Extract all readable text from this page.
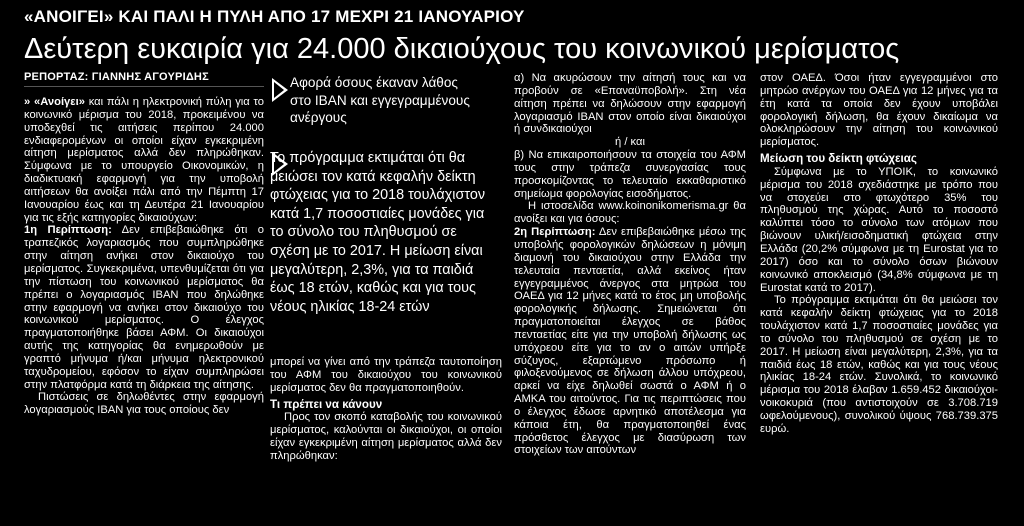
«ΑΝΟΙΓΕΙ» ΚΑΙ ΠΑΛΙ Η ΠΥΛΗ ΑΠΟ 17 ΜΕΧΡΙ 21 ΙΑΝΟΥΑΡΙΟΥ
Δεύτερη ευκαιρία για 24.000 δικαιούχους του κοινωνικού μερίσματος
ΡΕΠΟΡΤΑΖ: ΓΙΑΝΝΗΣ ΑΓΟΥΡΙΔΗΣ

» «Ανοίγει» και πάλι η ηλεκτρονική πύλη για το κοινωνικό μέρισμα του 2018, προκειμένου να υποδεχθεί τις αιτήσεις περίπου 24.000 ενδιαφερομένων οι οποίοι είχαν εγκεκριμένη αίτηση μερίσματος αλλά δεν πληρώθηκαν. Σύμφωνα με το υπουργείο Οικονομικών, η διαδικτυακή εφαρμογή για την υποβολή αιτήσεων θα ανοίξει πάλι από την Πέμπτη 17 Ιανουαρίου έως και τη Δευτέρα 21 Ιανουαρίου για τις εξής κατηγορίες δικαιούχων:

1η Περίπτωση: Δεν επιβεβαιώθηκε ότι ο τραπεζικός λογαριασμός που συμπληρώθηκε στην αίτηση ανήκει στον δικαιούχο του μερίσματος. Συγκεκριμένα, υπενθυμίζεται ότι για την πίστωση του κοινωνικού μερίσματος θα πρέπει ο λογαριασμός IBAN που δηλώθηκε στην εφαρμογή να ανήκει στον δικαιούχο του κοινωνικού μερίσματος. Ο έλεγχος πραγματοποιήθηκε βάσει ΑΦΜ. Οι δικαιούχοι αυτής της κατηγορίας θα ενημερωθούν με γραπτό μήνυμα ή/και μήνυμα ηλεκτρονικού ταχυδρομείου, εφόσον το είχαν συμπληρώσει στην πλατφόρμα κατά τη διάρκεια της αίτησης.

Πιστώσεις σε δηλωθέντες στην εφαρμογή λογαριασμούς IBAN για τους οποίους δεν

Αφορά όσους έκαναν λάθος στο IBAN και εγγεγραμμένους ανέργους
Το πρόγραμμα εκτιμάται ότι θα μειώσει τον κατά κεφαλήν δείκτη φτώχειας για το 2018 τουλάχιστον κατά 1,7 ποσοστιαίες μονάδες για το σύνολο του πληθυσμού σε σχέση με το 2017. Η μείωση είναι μεγαλύτερη, 2,3%, για τα παιδιά έως 18 ετών, καθώς και για τους νέους ηλικίας 18-24 ετών

μπορεί να γίνει από την τράπεζα ταυτοποίηση του ΑΦΜ του δικαιούχου του κοινωνικού μερίσματος δεν θα πραγματοποιηθούν.

Τι πρέπει να κάνουν

Προς τον σκοπό καταβολής του κοινωνικού μερίσματος, καλούνται οι δικαιούχοι, οι οποίοι είχαν εγκεκριμένη αίτηση μερίσματος αλλά δεν πληρώθηκαν:

α) Να ακυρώσουν την αίτησή τους και να προβούν σε «Επαναϋποβολή». Στη νέα αίτηση πρέπει να δηλώσουν στην εφαρμογή λογαριασμό IBAN στον οποίο είναι δικαιούχοι ή συνδικαιούχοι

ή / και

β) Να επικαιροποιήσουν τα στοιχεία του ΑΦΜ τους στην τράπεζα συνεργασίας τους προσκομίζοντας το τελευταίο εκκαθαριστικό σημείωμα φορολογίας εισοδήματος.

Η ιστοσελίδα www.koinonikomerisma.gr θα ανοίξει και για όσους:

2η Περίπτωση: Δεν επιβεβαιώθηκε μέσω της υποβολής φορολογικών δηλώσεων η μόνιμη διαμονή του δικαιούχου στην Ελλάδα την τελευταία πενταετία, αλλά εκείνος ήταν εγγεγραμμένος άνεργος στα μητρώα του ΟΑΕΔ για 12 μήνες κατά το έτος μη υποβολής φορολογικής δήλωσης. Σημειώνεται ότι πραγματοποιείται έλεγχος σε βάθος πενταετίας είτε για την υποβολή δήλωσης ως υπόχρεου είτε για το αν ο αιτών υπήρξε σύζυγος, εξαρτώμενο πρόσωπο ή φιλοξενούμενος σε δήλωση άλλου υπόχρεου, αρκεί να είχε δηλωθεί σωστά ο ΑΦΜ ή ο ΑΜΚΑ του αιτούντος. Για τις περιπτώσεις που ο έλεγχος έδωσε αρνητικό αποτέλεσμα για κάποια έτη, θα πραγματοποιηθεί ένας πρόσθετος έλεγχος με διασύρωση των στοιχείων των αιτούντων

στον ΟΑΕΔ. Όσοι ήταν εγγεγραμμένοι στο μητρώο ανέργων του ΟΑΕΔ για 12 μήνες για τα έτη κατά τα οποία δεν έχουν υποβάλει φορολογική δήλωση, θα έχουν δικαίωμα να ολοκληρώσουν την αίτηση του κοινωνικού μερίσματος.

Μείωση του δείκτη φτώχειας

Σύμφωνα με το ΥΠΟΙΚ, το κοινωνικό μέρισμα του 2018 σχεδιάστηκε με τρόπο που να στοχεύει στο φτωχότερο 35% του πληθυσμού της χώρας. Αυτό το ποσοστό καλύπτει τόσο το σύνολο των ατόμων που βιώνουν υλική/εισοδηματική φτώχεια στην Ελλάδα (20,2% σύμφωνα με τη Eurostat για το 2017) όσο και το σύνολο όσων βιώνουν κοινωνικό αποκλεισμό (34,8% σύμφωνα με τη Eurostat κατά το 2017).

Το πρόγραμμα εκτιμάται ότι θα μειώσει τον κατά κεφαλήν δείκτη φτώχειας για το 2018 τουλάχιστον κατά 1,7 ποσοστιαίες μονάδες για το σύνολο του πληθυσμού σε σχέση με το 2017. Η μείωση είναι μεγαλύτερη, 2,3%, για τα παιδιά έως 18 ετών, καθώς και για τους νέους ηλικίας 18-24 ετών. Συνολικά, το κοινωνικό μέρισμα του 2018 έλαβαν 1.659.452 δικαιούχοι-νοικοκυριά (που αντιστοιχούν σε 3.708.719 ωφελούμενους), συνολικού ύψους 768.739.375 ευρώ.
